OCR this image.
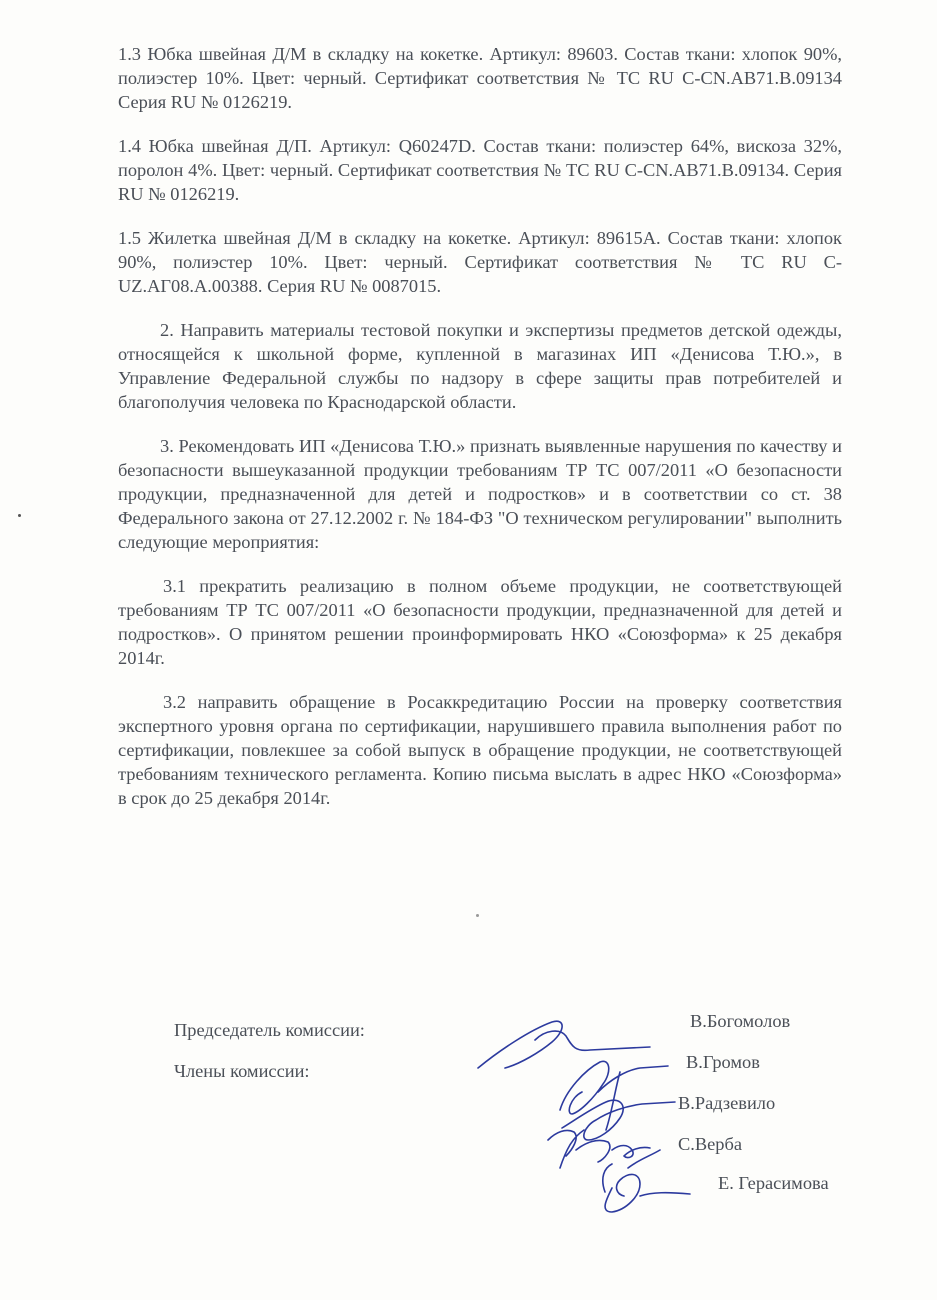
1.3 Юбка швейная Д/М в складку на кокетке. Артикул: 89603. Состав ткани: хлопок 90%, полиэстер 10%. Цвет: черный. Сертификат соответствия № ТС RU C-CN.AB71.B.09134 Серия RU № 0126219.

1.4 Юбка швейная Д/П. Артикул: Q60247D. Состав ткани: полиэстер 64%, вискоза 32%, поролон 4%. Цвет: черный. Сертификат соответствия № ТС RU C-CN.AB71.B.09134. Серия RU № 0126219.

1.5 Жилетка швейная Д/М в складку на кокетке. Артикул: 89615А. Состав ткани: хлопок 90%, полиэстер 10%. Цвет: черный. Сертификат соответствия № ТС RU C-UZ.AГ08.A.00388. Серия RU № 0087015.

2. Направить материалы тестовой покупки и экспертизы предметов детской одежды, относящейся к школьной форме, купленной в магазинах ИП «Денисова Т.Ю.», в Управление Федеральной службы по надзору в сфере защиты прав потребителей и благополучия человека по Краснодарской области.

3. Рекомендовать ИП «Денисова Т.Ю.» признать выявленные нарушения по качеству и безопасности вышеуказанной продукции требованиям ТР ТС 007/2011 «О безопасности продукции, предназначенной для детей и подростков» и в соответствии со ст. 38 Федерального закона от 27.12.2002 г. № 184-ФЗ "О техническом регулировании" выполнить следующие мероприятия:

3.1 прекратить реализацию в полном объеме продукции, не соответствующей требованиям ТР ТС 007/2011 «О безопасности продукции, предназначенной для детей и подростков». О принятом решении проинформировать НКО «Союзформа» к 25 декабря 2014г.

3.2 направить обращение в Росаккредитацию России на проверку соответствия экспертного уровня органа по сертификации, нарушившего правила выполнения работ по сертификации, повлекшее за собой выпуск в обращение продукции, не соответствующей требованиям технического регламента. Копию письма выслать в адрес НКО «Союзформа» в срок до 25 декабря 2014г.

Председатель комиссии:
Члены комиссии:
В.Богомолов
В.Громов
В.Радзевило
С.Верба
Е. Герасимова
